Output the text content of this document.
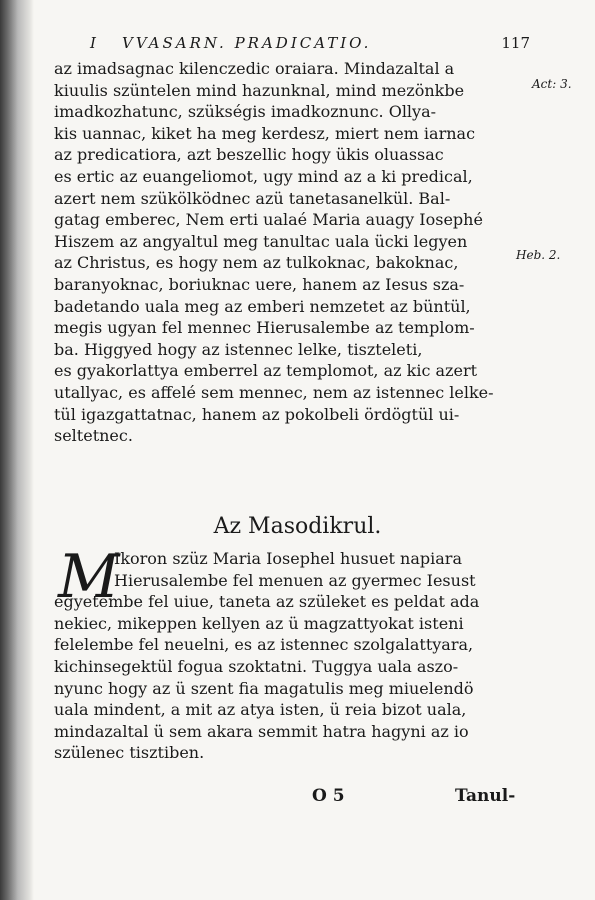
I VVASARN. PRADICATIO.	117
Act: 3.
Heb. 2.
az imadsagnac kilenczedic oraiara. Mindazaltal a
kiuulis szüntelen mind hazunknal, mind mezönkbe
imadkozhatunc, szükségis imadkoznunc. Ollya-
kis uannac, kiket ha meg kerdesz, miert nem iarnac
az predicatiora, azt beszellic hogy ükis oluassac
es ertic az euangeliomot, ugy mind az a ki predical,
azert nem szükölködnec azü tanetasanelkül. Bal-
gatag emberec, Nem erti ualaé Maria auagy Iosephé
Hiszem az angyaltul meg tanultac uala ücki legyen
az Christus, es hogy nem az tulkoknac, bakoknac,
baranyoknac, boriuknac uere, hanem az Iesus sza-
badetando uala meg az emberi nemzetet az büntül,
megis ugyan fel mennec Hierusalembe az templom-
ba. Higgyed hogy az istennec lelke, tiszteleti,
es gyakorlattya emberrel az templomot, az kic azert
utallyac, es affelé sem mennec, nem az istennec lelke-
tül igazgattatnac, hanem az pokolbeli ördögtül ui-
seltetnec.
Az Masodikrul.
M
Ikoron szüz Maria Iosephel husuet napiara
Hierusalembe fel menuen az gyermec Iesust
egyetembe fel uiue, taneta az szüleket es peldat ada
nekiec, mikeppen kellyen az ü magzattyokat isteni
felelembe fel neuelni, es az istennec szolgalattyara,
kichinsegektül fogua szoktatni. Tuggya uala aszo-
nyunc hogy az ü szent fia magatulis meg miuelendö
uala mindent, a mit az atya isten, ü reia bizot uala,
mindazaltal ü sem akara semmit hatra hagyni az io
szülenec tisztiben.
O 5	Tanul-
